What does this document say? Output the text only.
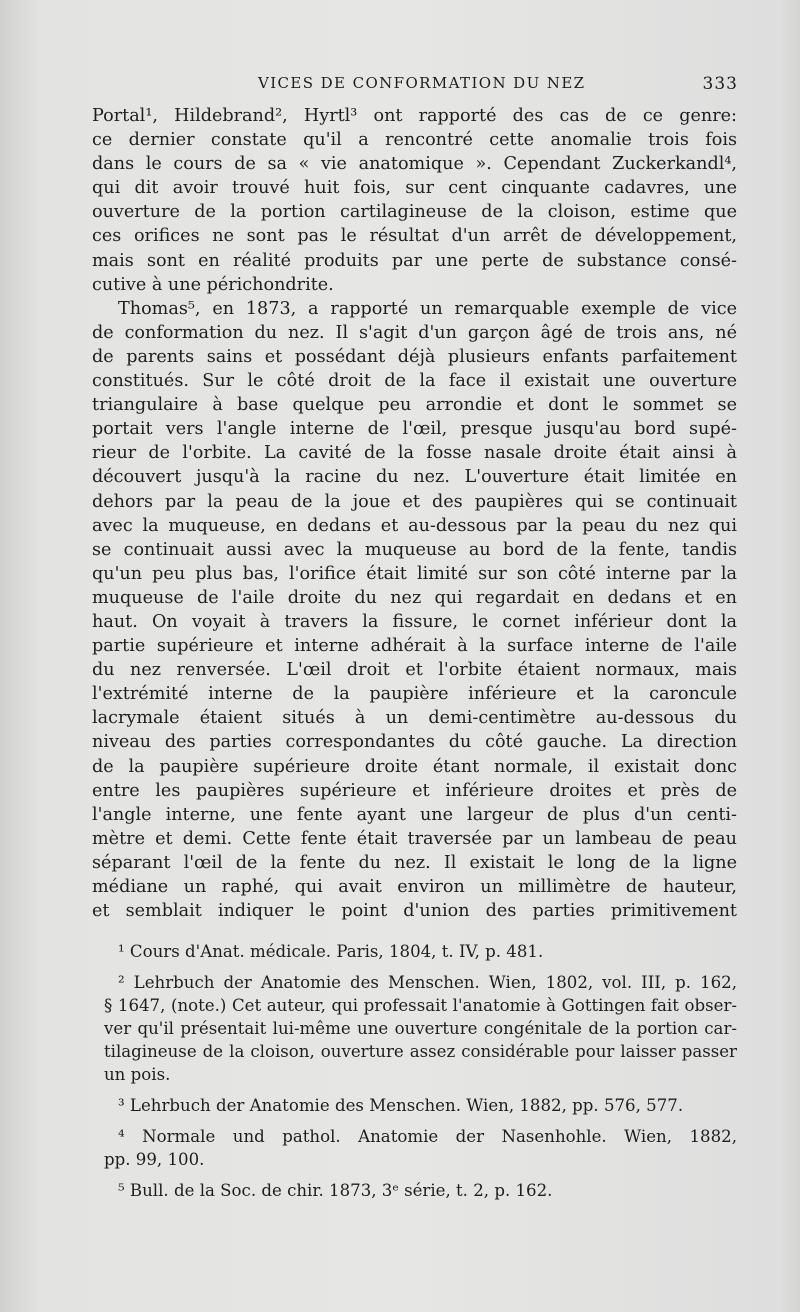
VICES DE CONFORMATION DU NEZ	333

Portal¹, Hildebrand², Hyrtl³ ont rapporté des cas de ce genre:
ce dernier constate qu'il a rencontré cette anomalie trois fois
dans le cours de sa « vie anatomique ». Cependant Zuckerkandl⁴,
qui dit avoir trouvé huit fois, sur cent cinquante cadavres, une
ouverture de la portion cartilagineuse de la cloison, estime que
ces orifices ne sont pas le résultat d'un arrêt de développement,
mais sont en réalité produits par une perte de substance consé-
cutive à une périchondrite.

Thomas⁵, en 1873, a rapporté un remarquable exemple de vice
de conformation du nez. Il s'agit d'un garçon âgé de trois ans, né
de parents sains et possédant déjà plusieurs enfants parfaitement
constitués. Sur le côté droit de la face il existait une ouverture
triangulaire à base quelque peu arrondie et dont le sommet se
portait vers l'angle interne de l'œil, presque jusqu'au bord supé-
rieur de l'orbite. La cavité de la fosse nasale droite était ainsi à
découvert jusqu'à la racine du nez. L'ouverture était limitée en
dehors par la peau de la joue et des paupières qui se continuait
avec la muqueuse, en dedans et au-dessous par la peau du nez qui
se continuait aussi avec la muqueuse au bord de la fente, tandis
qu'un peu plus bas, l'orifice était limité sur son côté interne par la
muqueuse de l'aile droite du nez qui regardait en dedans et en
haut. On voyait à travers la fissure, le cornet inférieur dont la
partie supérieure et interne adhérait à la surface interne de l'aile
du nez renversée. L'œil droit et l'orbite étaient normaux, mais
l'extrémité interne de la paupière inférieure et la caroncule
lacrymale étaient situés à un demi-centimètre au-dessous du
niveau des parties correspondantes du côté gauche. La direction
de la paupière supérieure droite étant normale, il existait donc
entre les paupières supérieure et inférieure droites et près de
l'angle interne, une fente ayant une largeur de plus d'un centi-
mètre et demi. Cette fente était traversée par un lambeau de peau
séparant l'œil de la fente du nez. Il existait le long de la ligne
médiane un raphé, qui avait environ un millimètre de hauteur,
et semblait indiquer le point d'union des parties primitivement

¹ Cours d'Anat. médicale. Paris, 1804, t. IV, p. 481.
² Lehrbuch der Anatomie des Menschen. Wien, 1802, vol. III, p. 162,
§ 1647, (note.) Cet auteur, qui professait l'anatomie à Gottingen fait obser-
ver qu'il présentait lui-même une ouverture congénitale de la portion car-
tilagineuse de la cloison, ouverture assez considérable pour laisser passer
un pois.
³ Lehrbuch der Anatomie des Menschen. Wien, 1882, pp. 576, 577.
⁴ Normale und pathol. Anatomie der Nasenhohle. Wien, 1882,
pp. 99, 100.
⁵ Bull. de la Soc. de chir. 1873, 3ᵉ série, t. 2, p. 162.
